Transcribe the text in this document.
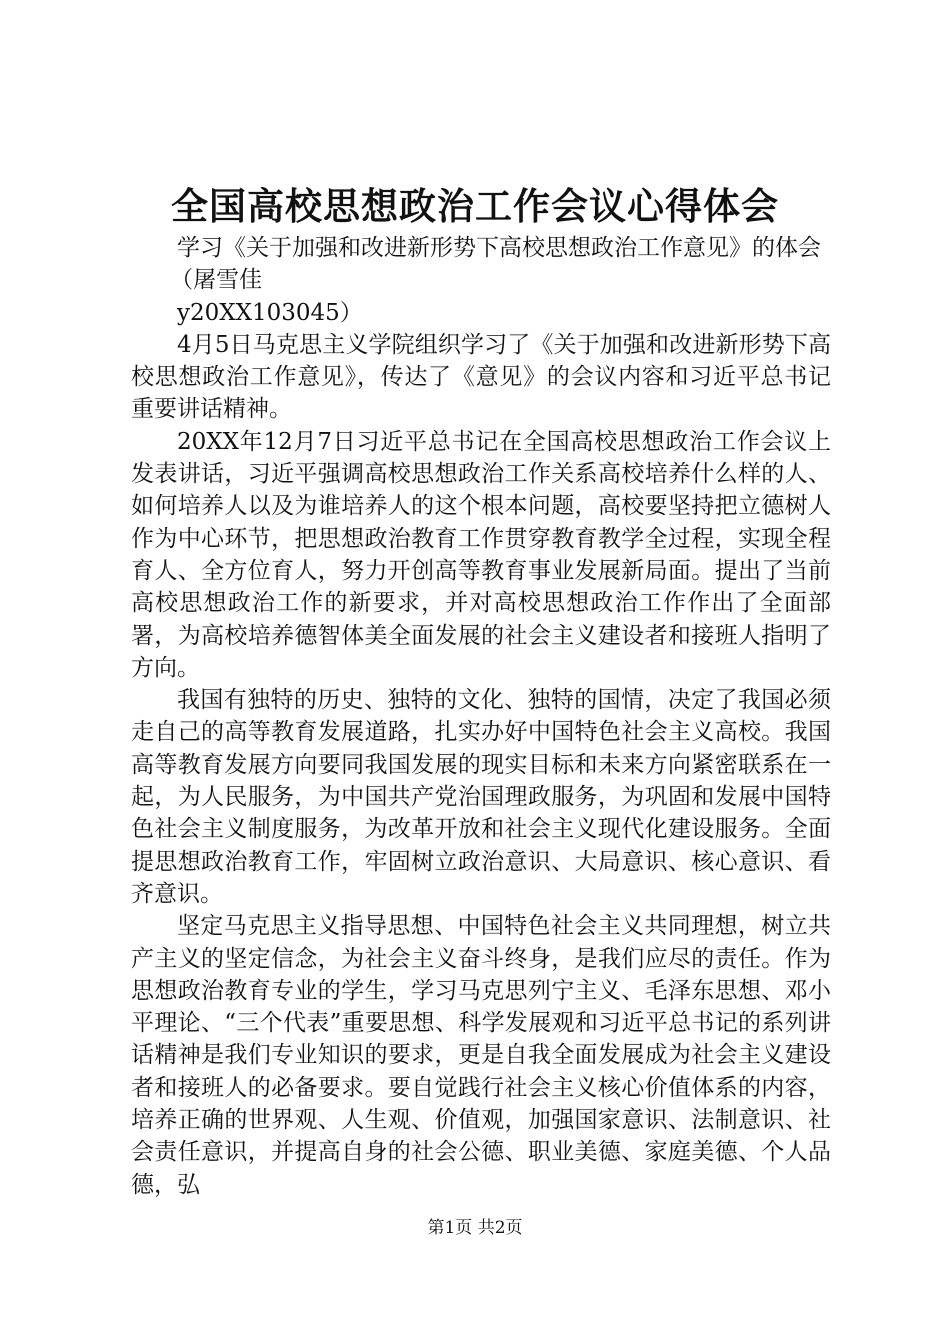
全国高校思想政治工作会议心得体会

学习《关于加强和改进新形势下高校思想政治工作意见》的体会

（屠雪佳

y20XX103045）

4月5日马克思主义学院组织学习了《关于加强和改进新形势下高校思想政治工作意见》，传达了《意见》的会议内容和习近平总书记重要讲话精神。

20XX年12月7日习近平总书记在全国高校思想政治工作会议上发表讲话，习近平强调高校思想政治工作关系高校培养什么样的人、如何培养人以及为谁培养人的这个根本问题，高校要坚持把立德树人作为中心环节，把思想政治教育工作贯穿教育教学全过程，实现全程育人、全方位育人，努力开创高等教育事业发展新局面。提出了当前高校思想政治工作的新要求，并对高校思想政治工作作出了全面部署，为高校培养德智体美全面发展的社会主义建设者和接班人指明了方向。

我国有独特的历史、独特的文化、独特的国情，决定了我国必须走自己的高等教育发展道路，扎实办好中国特色社会主义高校。我国高等教育发展方向要同我国发展的现实目标和未来方向紧密联系在一起，为人民服务，为中国共产党治国理政服务，为巩固和发展中国特色社会主义制度服务，为改革开放和社会主义现代化建设服务。全面提思想政治教育工作，牢固树立政治意识、大局意识、核心意识、看齐意识。

坚定马克思主义指导思想、中国特色社会主义共同理想，树立共产主义的坚定信念，为社会主义奋斗终身，是我们应尽的责任。作为思想政治教育专业的学生，学习马克思列宁主义、毛泽东思想、邓小平理论、“三个代表”重要思想、科学发展观和习近平总书记的系列讲话精神是我们专业知识的要求，更是自我全面发展成为社会主义建设者和接班人的必备要求。要自觉践行社会主义核心价值体系的内容，培养正确的世界观、人生观、价值观，加强国家意识、法制意识、社会责任意识，并提高自身的社会公德、职业美德、家庭美德、个人品德，弘

第1页 共2页
